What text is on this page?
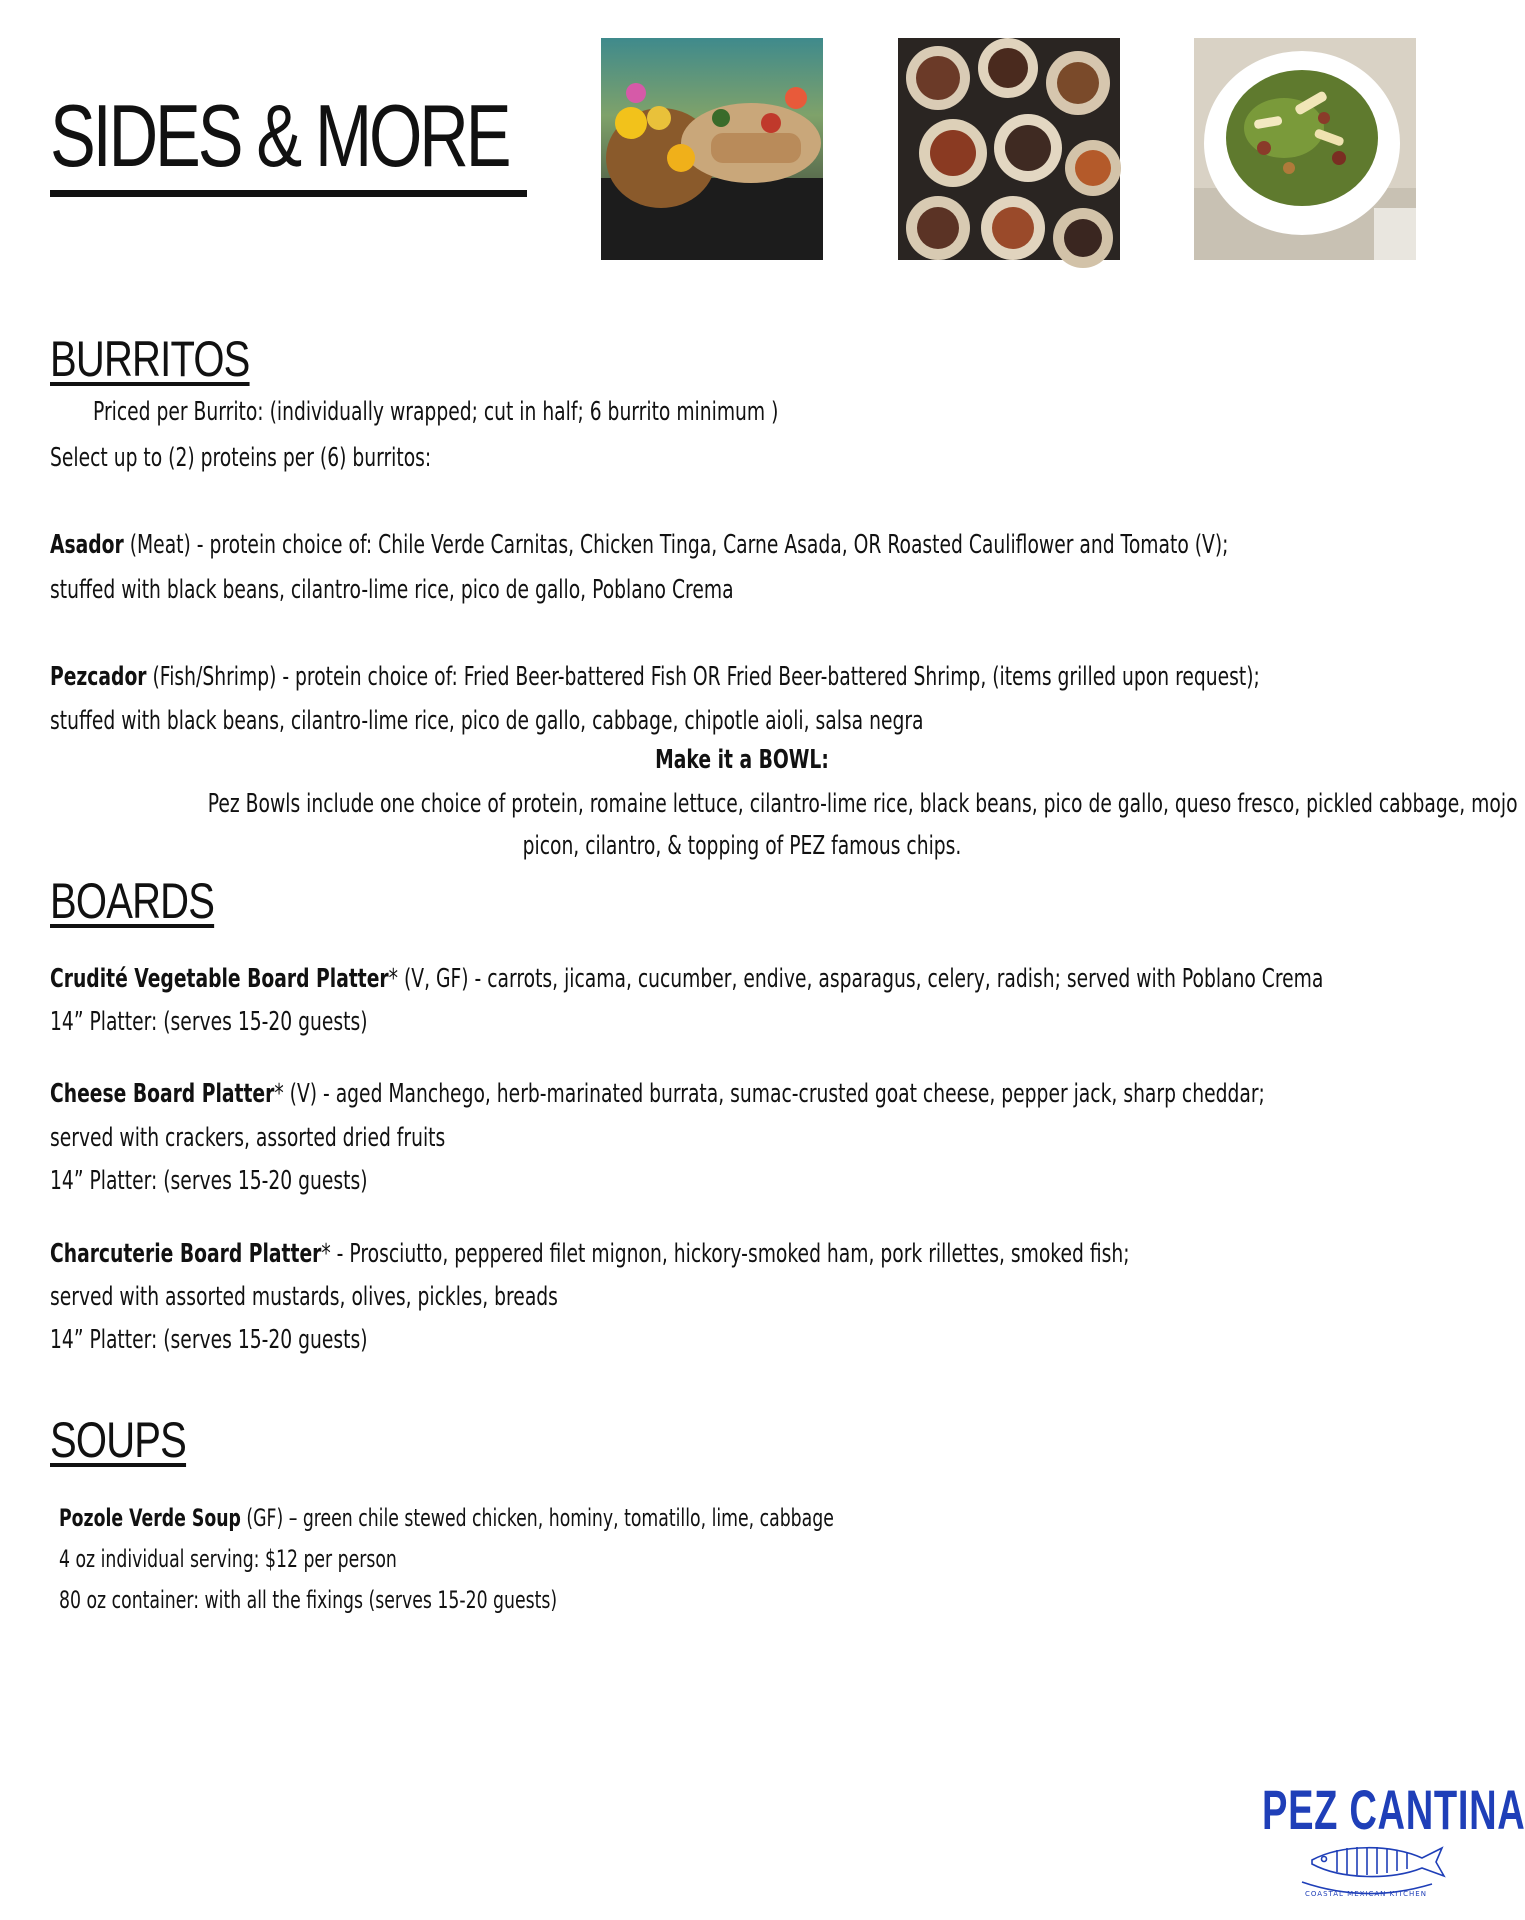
SIDES & MORE
BURRITOS

Priced per Burrito: (individually wrapped; cut in half; 6 burrito minimum )

Select up to (2) proteins per (6) burritos:

Asador (Meat) - protein choice of: Chile Verde Carnitas, Chicken Tinga, Carne Asada, OR Roasted Cauliflower and Tomato (V);

stuffed with black beans, cilantro-lime rice, pico de gallo, Poblano Crema

Pezcador (Fish/Shrimp) - protein choice of: Fried Beer-battered Fish OR Fried Beer-battered Shrimp, (items grilled upon request);

stuffed with black beans, cilantro-lime rice, pico de gallo, cabbage, chipotle aioli, salsa negra

Make it a BOWL:

Pez Bowls include one choice of protein, romaine lettuce, cilantro-lime rice, black beans, pico de gallo, queso fresco, pickled cabbage, mojo

picon, cilantro, & topping of PEZ famous chips.

BOARDS

Crudité Vegetable Board Platter* (V, GF) - carrots, jicama, cucumber, endive, asparagus, celery, radish; served with Poblano Crema

14” Platter: (serves 15-20 guests)

Cheese Board Platter* (V) - aged Manchego, herb-marinated burrata, sumac-crusted goat cheese, pepper jack, sharp cheddar;

served with crackers, assorted dried fruits

14” Platter: (serves 15-20 guests)

Charcuterie Board Platter* - Prosciutto, peppered filet mignon, hickory-smoked ham, pork rillettes, smoked fish;

served with assorted mustards, olives, pickles, breads

14” Platter: (serves 15-20 guests)

SOUPS

Pozole Verde Soup (GF) – green chile stewed chicken, hominy, tomatillo, lime, cabbage

4 oz individual serving: $12 per person

80 oz container: with all the fixings (serves 15-20 guests)

PEZ CANTINA
COASTAL MEXICAN KITCHEN
